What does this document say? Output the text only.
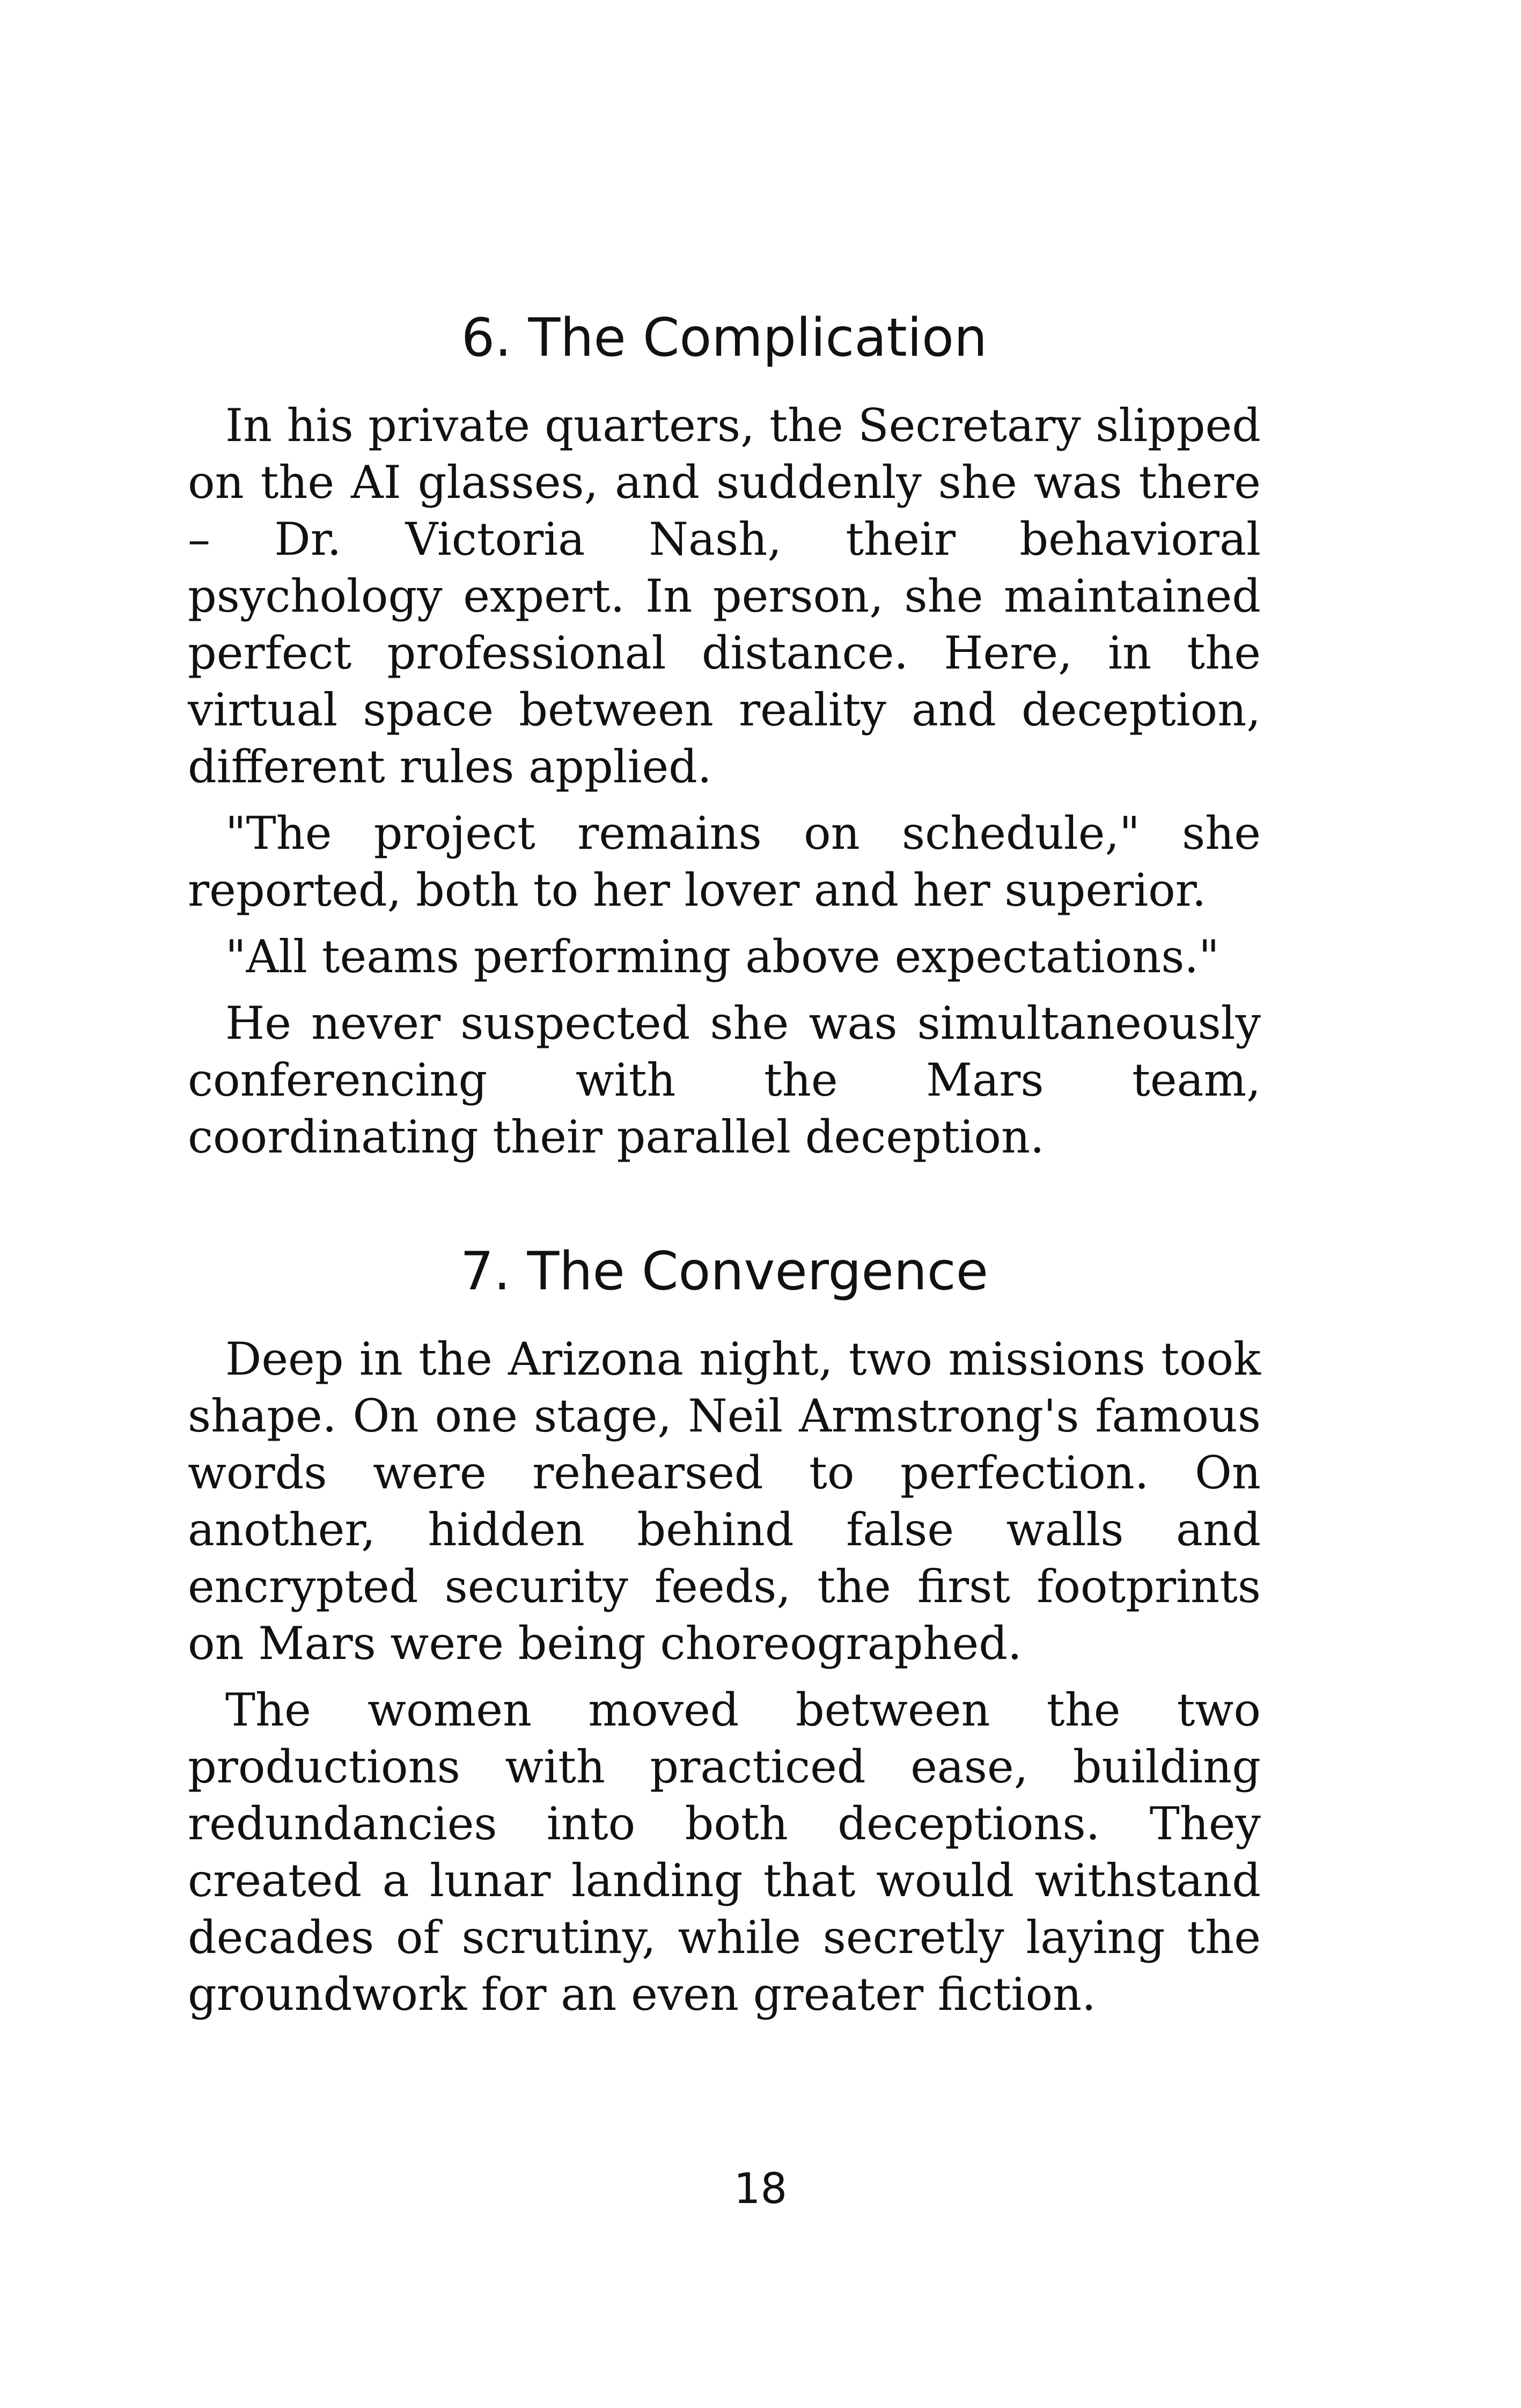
6. The Complication

In his private quarters, the Secretary slipped on the AI glasses, and suddenly she was there – Dr. Victoria Nash, their behavioral psychology expert. In person, she maintained perfect professional distance. Here, in the virtual space between reality and deception, different rules applied.

"The project remains on schedule," she reported, both to her lover and her superior.

"All teams performing above expectations."

He never suspected she was simultaneously conferencing with the Mars team, coordinating their parallel deception.

7. The Convergence

Deep in the Arizona night, two missions took shape. On one stage, Neil Armstrong's famous words were rehearsed to perfection. On another, hidden behind false walls and encrypted security feeds, the first footprints on Mars were being choreographed.

The women moved between the two productions with practiced ease, building redundancies into both deceptions. They created a lunar landing that would withstand decades of scrutiny, while secretly laying the groundwork for an even greater fiction.

18
